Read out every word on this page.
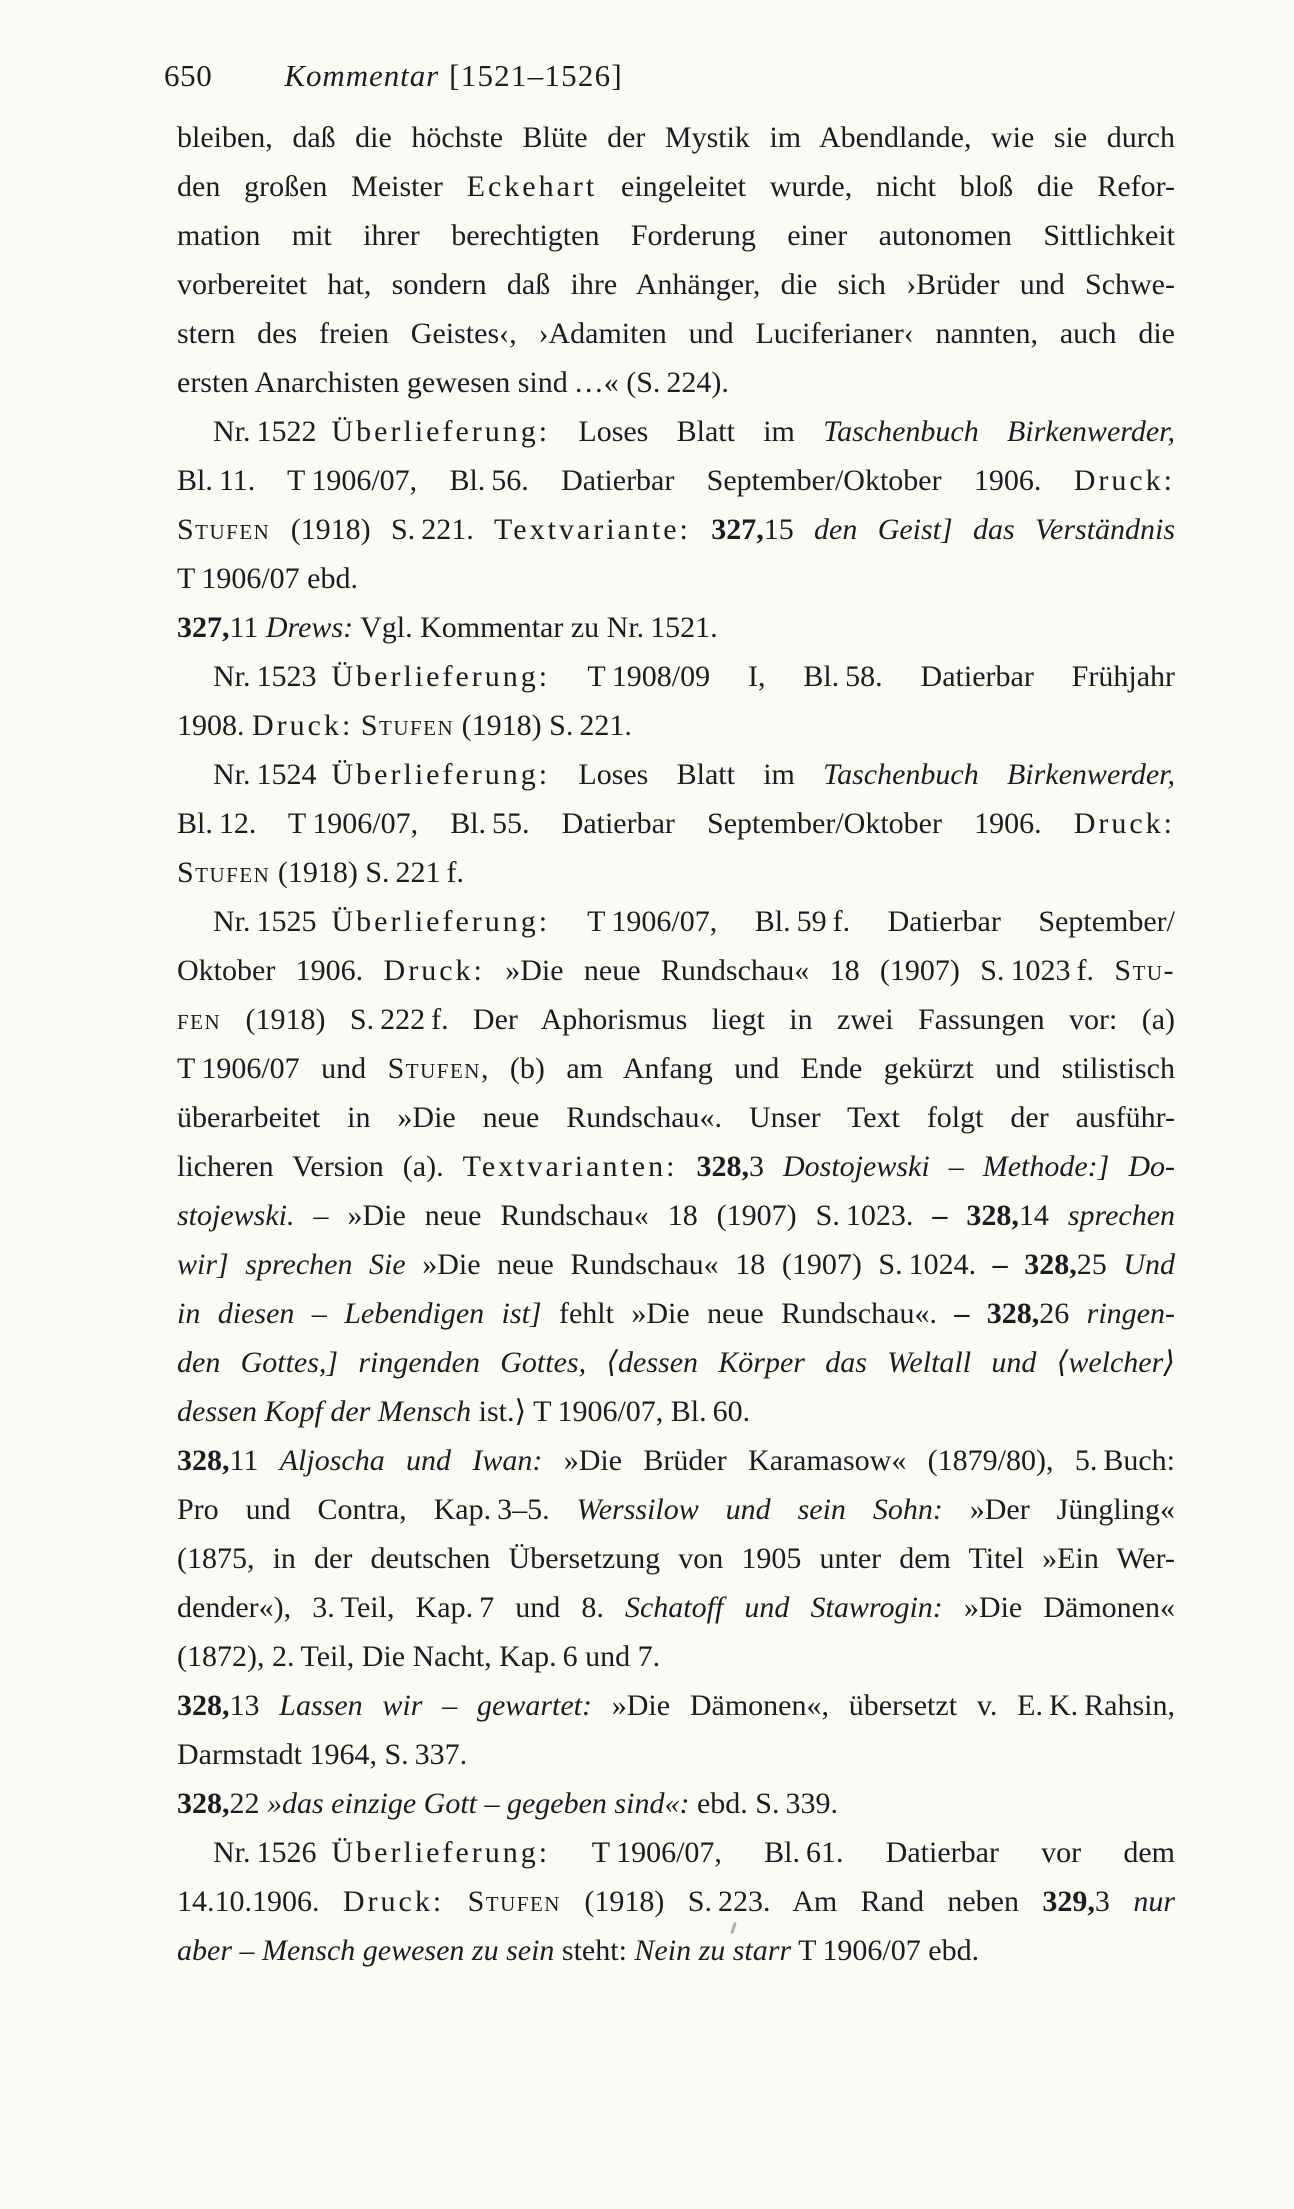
650 Kommentar [1521–1526]
bleiben, daß die höchste Blüte der Mystik im Abendlande, wie sie durch
den großen Meister Eckehart eingeleitet wurde, nicht bloß die Refor-
mation mit ihrer berechtigten Forderung einer autonomen Sittlichkeit
vorbereitet hat, sondern daß ihre Anhänger, die sich ›Brüder und Schwe-
stern des freien Geistes‹, ›Adamiten und Luciferianer‹ nannten, auch die
ersten Anarchisten gewesen sind …« (S. 224).
Nr. 1522 Überlieferung: Loses Blatt im Taschenbuch Birkenwerder,
Bl. 11. T 1906/07, Bl. 56. Datierbar September/Oktober 1906. Druck:
Stufen (1918) S. 221. Textvariante: 327,15 den Geist] das Verständnis
T 1906/07 ebd.
327,11 Drews: Vgl. Kommentar zu Nr. 1521.
Nr. 1523 Überlieferung: T 1908/09 I, Bl. 58. Datierbar Frühjahr
1908. Druck: Stufen (1918) S. 221.
Nr. 1524 Überlieferung: Loses Blatt im Taschenbuch Birkenwerder,
Bl. 12. T 1906/07, Bl. 55. Datierbar September/Oktober 1906. Druck:
Stufen (1918) S. 221 f.
Nr. 1525 Überlieferung: T 1906/07, Bl. 59 f. Datierbar September/
Oktober 1906. Druck: »Die neue Rundschau« 18 (1907) S. 1023 f. Stu-
fen (1918) S. 222 f. Der Aphorismus liegt in zwei Fassungen vor: (a)
T 1906/07 und Stufen, (b) am Anfang und Ende gekürzt und stilistisch
überarbeitet in »Die neue Rundschau«. Unser Text folgt der ausführ-
licheren Version (a). Textvarianten: 328,3 Dostojewski – Methode:] Do-
stojewski. – »Die neue Rundschau« 18 (1907) S. 1023. – 328,14 sprechen
wir] sprechen Sie »Die neue Rundschau« 18 (1907) S. 1024. – 328,25 Und
in diesen – Lebendigen ist] fehlt »Die neue Rundschau«. – 328,26 ringen-
den Gottes,] ringenden Gottes, ⟨dessen Körper das Weltall und ⟨welcher⟩
dessen Kopf der Mensch ist.⟩ T 1906/07, Bl. 60.
328,11 Aljoscha und Iwan: »Die Brüder Karamasow« (1879/80), 5. Buch:
Pro und Contra, Kap. 3–5. Werssilow und sein Sohn: »Der Jüngling«
(1875, in der deutschen Übersetzung von 1905 unter dem Titel »Ein Wer-
dender«), 3. Teil, Kap. 7 und 8. Schatoff und Stawrogin: »Die Dämonen«
(1872), 2. Teil, Die Nacht, Kap. 6 und 7.
328,13 Lassen wir – gewartet: »Die Dämonen«, übersetzt v. E. K. Rahsin,
Darmstadt 1964, S. 337.
328,22 »das einzige Gott – gegeben sind«: ebd. S. 339.
Nr. 1526 Überlieferung: T 1906/07, Bl. 61. Datierbar vor dem
14.10.1906. Druck: Stufen (1918) S. 223. Am Rand neben 329,3 nur
aber – Mensch gewesen zu sein steht: Nein zu starr T 1906/07 ebd.
